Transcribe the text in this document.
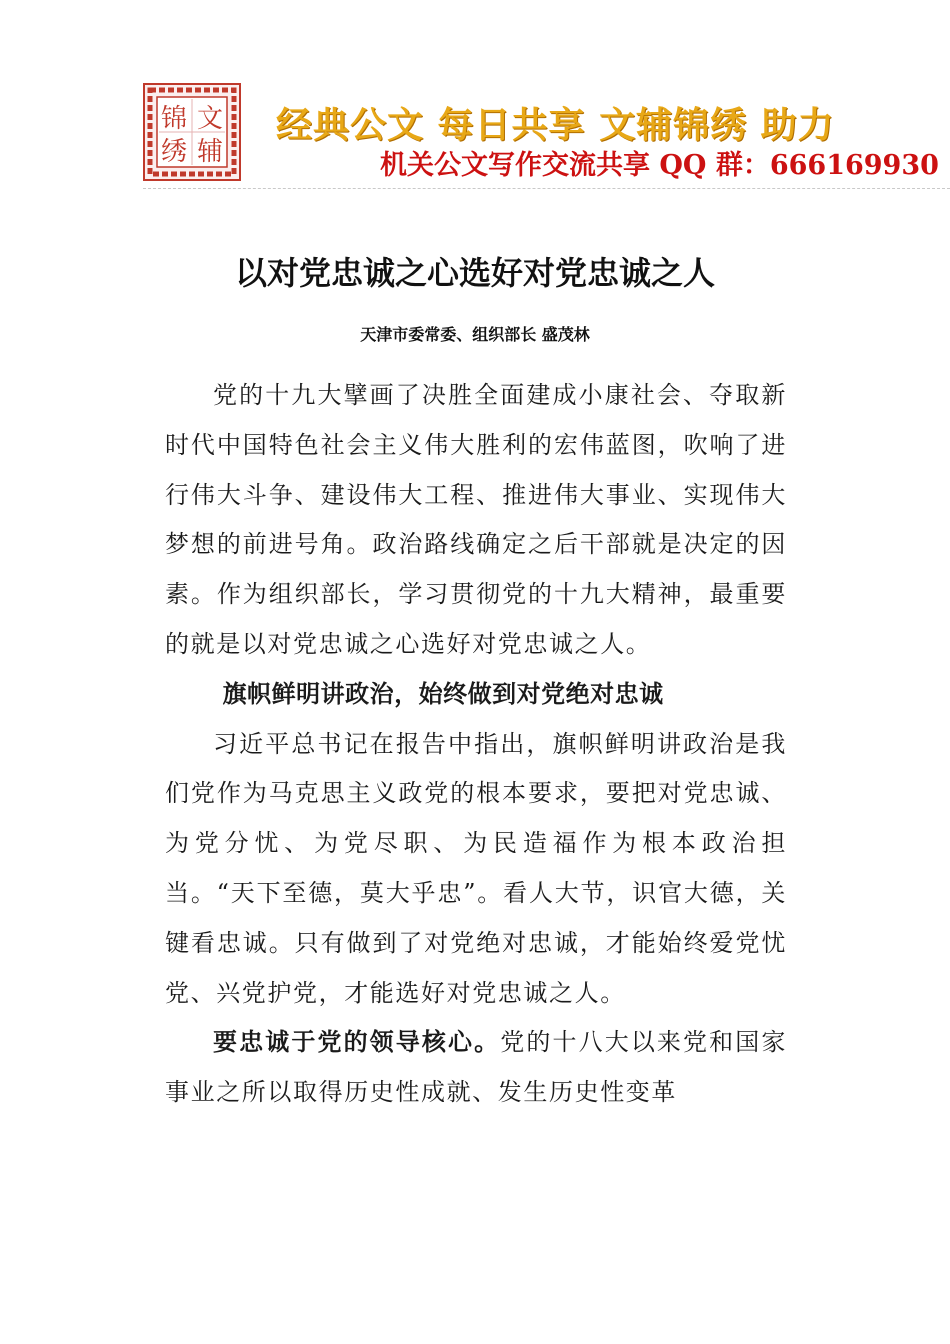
锦 文
绣 辅
经典公文 每日共享 文辅锦绣 助力
机关公文写作交流共享 QQ 群：666169930
以对党忠诚之心选好对党忠诚之人
天津市委常委、组织部长 盛茂林

党的十九大擘画了决胜全面建成小康社会、夺取新时代中国特色社会主义伟大胜利的宏伟蓝图，吹响了进行伟大斗争、建设伟大工程、推进伟大事业、实现伟大梦想的前进号角。政治路线确定之后干部就是决定的因素。作为组织部长，学习贯彻党的十九大精神，最重要的就是以对党忠诚之心选好对党忠诚之人。

旗帜鲜明讲政治，始终做到对党绝对忠诚

习近平总书记在报告中指出，旗帜鲜明讲政治是我们党作为马克思主义政党的根本要求，要把对党忠诚、为党分忧、为党尽职、为民造福作为根本政治担当。“天下至德，莫大乎忠”。看人大节，识官大德，关键看忠诚。只有做到了对党绝对忠诚，才能始终爱党忧党、兴党护党，才能选好对党忠诚之人。

要忠诚于党的领导核心。党的十八大以来党和国家事业之所以取得历史性成就、发生历史性变革
